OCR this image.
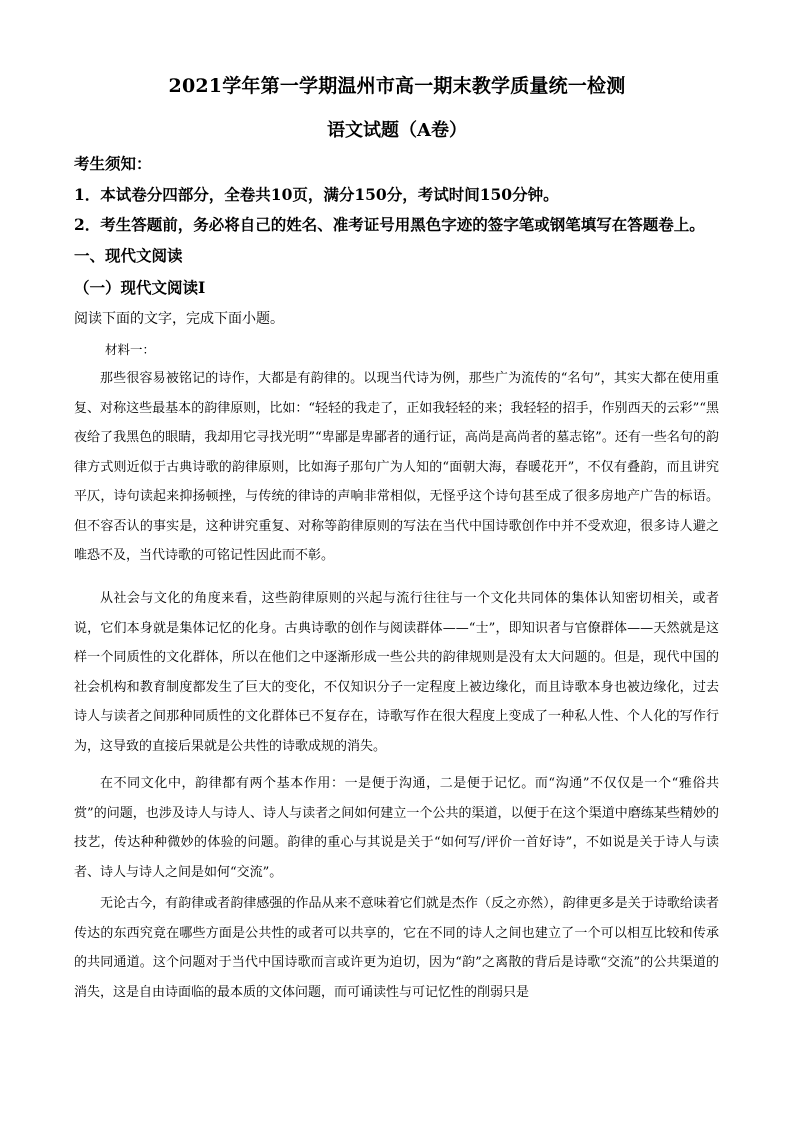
2021学年第一学期温州市高一期末教学质量统一检测
语文试题（A卷）
考生须知：
1．本试卷分四部分，全卷共10页，满分150分，考试时间150分钟。
2．考生答题前，务必将自己的姓名、准考证号用黑色字迹的签字笔或钢笔填写在答题卷上。
一、现代文阅读
（一）现代文阅读Ⅰ
阅读下面的文字，完成下面小题。
材料一：

那些很容易被铭记的诗作，大都是有韵律的。以现当代诗为例，那些广为流传的“名句”，其实大都在使用重复、对称这些最基本的韵律原则，比如：“轻轻的我走了，正如我轻轻的来；我轻轻的招手，作别西天的云彩”“黑夜给了我黑色的眼睛，我却用它寻找光明”“卑鄙是卑鄙者的通行证，高尚是高尚者的墓志铭”。还有一些名句的韵律方式则近似于古典诗歌的韵律原则，比如海子那句广为人知的“面朝大海，春暖花开”，不仅有叠韵，而且讲究平仄，诗句读起来抑扬顿挫，与传统的律诗的声响非常相似，无怪乎这个诗句甚至成了很多房地产广告的标语。但不容否认的事实是，这种讲究重复、对称等韵律原则的写法在当代中国诗歌创作中并不受欢迎，很多诗人避之唯恐不及，当代诗歌的可铭记性因此而不彰。

从社会与文化的角度来看，这些韵律原则的兴起与流行往往与一个文化共同体的集体认知密切相关，或者说，它们本身就是集体记忆的化身。古典诗歌的创作与阅读群体——“士”，即知识者与官僚群体——天然就是这样一个同质性的文化群体，所以在他们之中逐渐形成一些公共的韵律规则是没有太大问题的。但是，现代中国的社会机构和教育制度都发生了巨大的变化，不仅知识分子一定程度上被边缘化，而且诗歌本身也被边缘化，过去诗人与读者之间那种同质性的文化群体已不复存在，诗歌写作在很大程度上变成了一种私人性、个人化的写作行为，这导致的直接后果就是公共性的诗歌成规的消失。

在不同文化中，韵律都有两个基本作用：一是便于沟通，二是便于记忆。而“沟通”不仅仅是一个“雅俗共赏”的问题，也涉及诗人与诗人、诗人与读者之间如何建立一个公共的渠道，以便于在这个渠道中磨练某些精妙的技艺，传达种种微妙的体验的问题。韵律的重心与其说是关于“如何写/评价一首好诗”，不如说是关于诗人与读者、诗人与诗人之间是如何“交流”。

无论古今，有韵律或者韵律感强的作品从来不意味着它们就是杰作（反之亦然），韵律更多是关于诗歌给读者传达的东西究竟在哪些方面是公共性的或者可以共享的，它在不同的诗人之间也建立了一个可以相互比较和传承的共同通道。这个问题对于当代中国诗歌而言或许更为迫切，因为“韵”之离散的背后是诗歌“交流”的公共渠道的消失，这是自由诗面临的最本质的文体问题，而可诵读性与可记忆性的削弱只是
